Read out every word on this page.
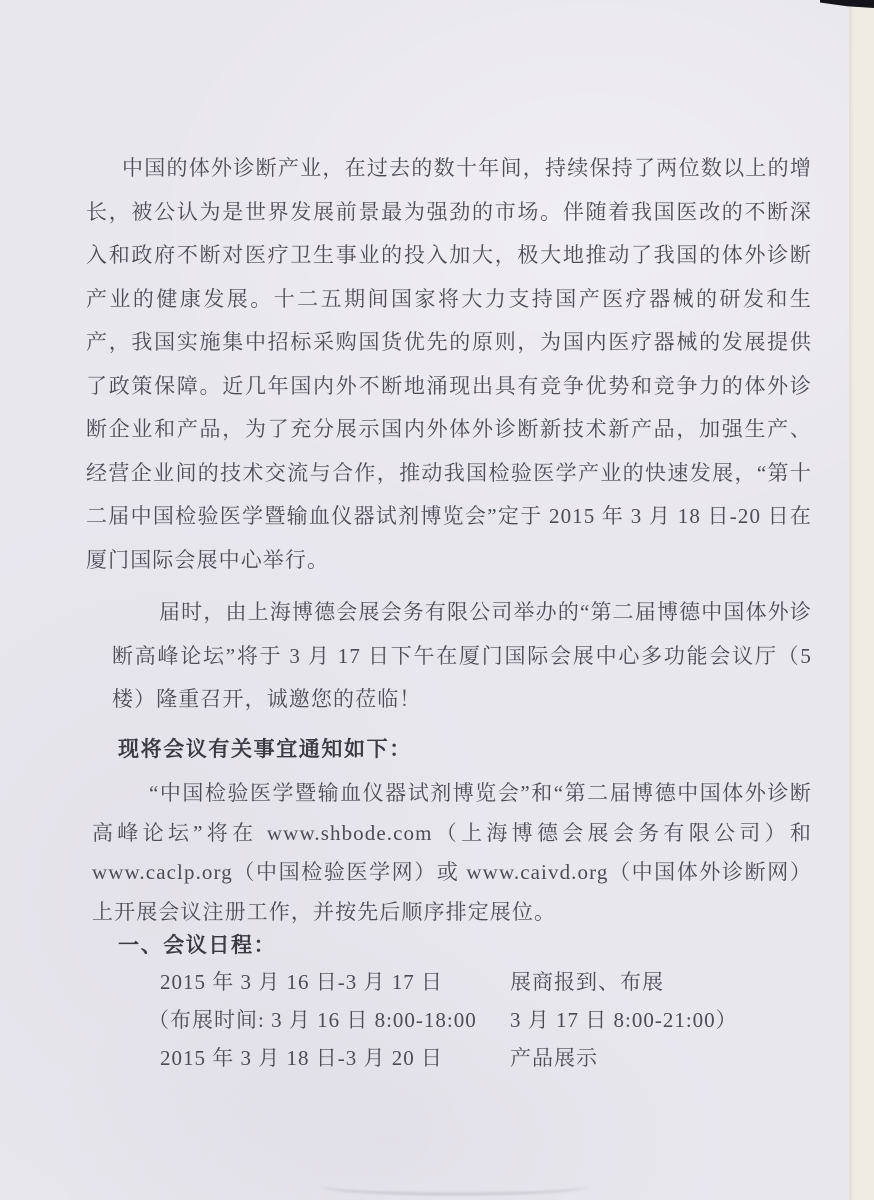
中国的体外诊断产业，在过去的数十年间，持续保持了两位数以上的增长，被公认为是世界发展前景最为强劲的市场。伴随着我国医改的不断深入和政府不断对医疗卫生事业的投入加大，极大地推动了我国的体外诊断产业的健康发展。十二五期间国家将大力支持国产医疗器械的研发和生产，我国实施集中招标采购国货优先的原则，为国内医疗器械的发展提供了政策保障。近几年国内外不断地涌现出具有竞争优势和竞争力的体外诊断企业和产品，为了充分展示国内外体外诊断新技术新产品，加强生产、经营企业间的技术交流与合作，推动我国检验医学产业的快速发展，“第十二届中国检验医学暨输血仪器试剂博览会”定于 2015 年 3 月 18 日-20 日在厦门国际会展中心举行。

届时，由上海博德会展会务有限公司举办的“第二届博德中国体外诊断高峰论坛”将于 3 月 17 日下午在厦门国际会展中心多功能会议厅（5 楼）隆重召开，诚邀您的莅临！

现将会议有关事宜通知如下：

“中国检验医学暨输血仪器试剂博览会”和“第二届博德中国体外诊断高峰论坛”将在 www.shbode.com（上海博德会展会务有限公司）和 www.caclp.org（中国检验医学网）或 www.caivd.org（中国体外诊断网）上开展会议注册工作，并按先后顺序排定展位。

一、会议日程：
2015 年 3 月 16 日-3 月 17 日	展商报到、布展
（布展时间: 3 月 16 日 8:00-18:00	3 月 17 日 8:00-21:00）
2015 年 3 月 18 日-3 月 20 日	产品展示
